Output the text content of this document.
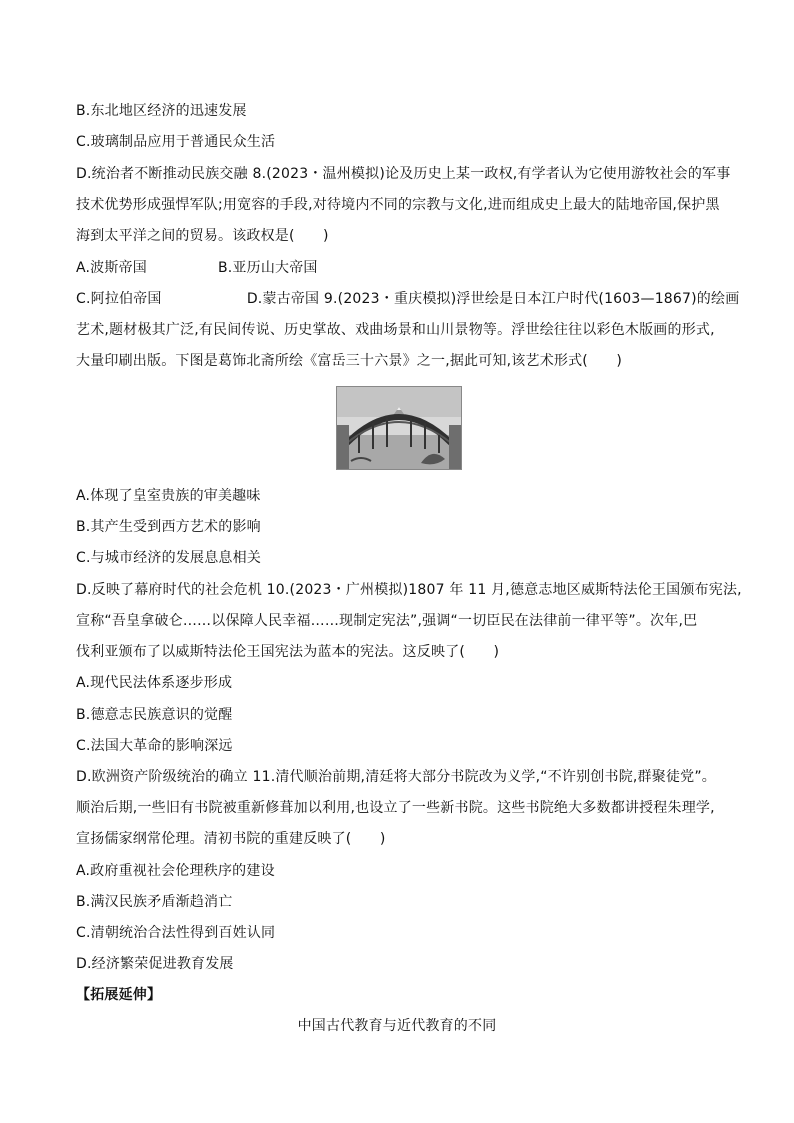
B.东北地区经济的迅速发展
C.玻璃制品应用于普通民众生活
D.统治者不断推动民族交融 8.(2023・温州模拟)论及历史上某一政权,有学者认为它使用游牧社会的军事
技术优势形成强悍军队;用宽容的手段,对待境内不同的宗教与文化,进而组成史上最大的陆地帝国,保护黑
海到太平洋之间的贸易。该政权是(　　)
A.波斯帝国　　　　　B.亚历山大帝国
C.阿拉伯帝国　　　　　　D.蒙古帝国 9.(2023・重庆模拟)浮世绘是日本江户时代(1603—1867)的绘画
艺术,题材极其广泛,有民间传说、历史掌故、戏曲场景和山川景物等。浮世绘往往以彩色木版画的形式,
大量印刷出版。下图是葛饰北斋所绘《富岳三十六景》之一,据此可知,该艺术形式(　　)
A.体现了皇室贵族的审美趣味
B.其产生受到西方艺术的影响
C.与城市经济的发展息息相关
D.反映了幕府时代的社会危机 10.(2023・广州模拟)1807 年 11 月,德意志地区威斯特法伦王国颁布宪法,
宣称“吾皇拿破仑……以保障人民幸福……现制定宪法”,强调“一切臣民在法律前一律平等”。次年,巴
伐利亚颁布了以威斯特法伦王国宪法为蓝本的宪法。这反映了(　　)
A.现代民法体系逐步形成
B.德意志民族意识的觉醒
C.法国大革命的影响深远
D.欧洲资产阶级统治的确立 11.清代顺治前期,清廷将大部分书院改为义学,“不许别创书院,群聚徒党”。
顺治后期,一些旧有书院被重新修葺加以利用,也设立了一些新书院。这些书院绝大多数都讲授程朱理学,
宣扬儒家纲常伦理。清初书院的重建反映了(　　)
A.政府重视社会伦理秩序的建设
B.满汉民族矛盾渐趋消亡
C.清朝统治合法性得到百姓认同
D.经济繁荣促进教育发展
【拓展延伸】
中国古代教育与近代教育的不同
